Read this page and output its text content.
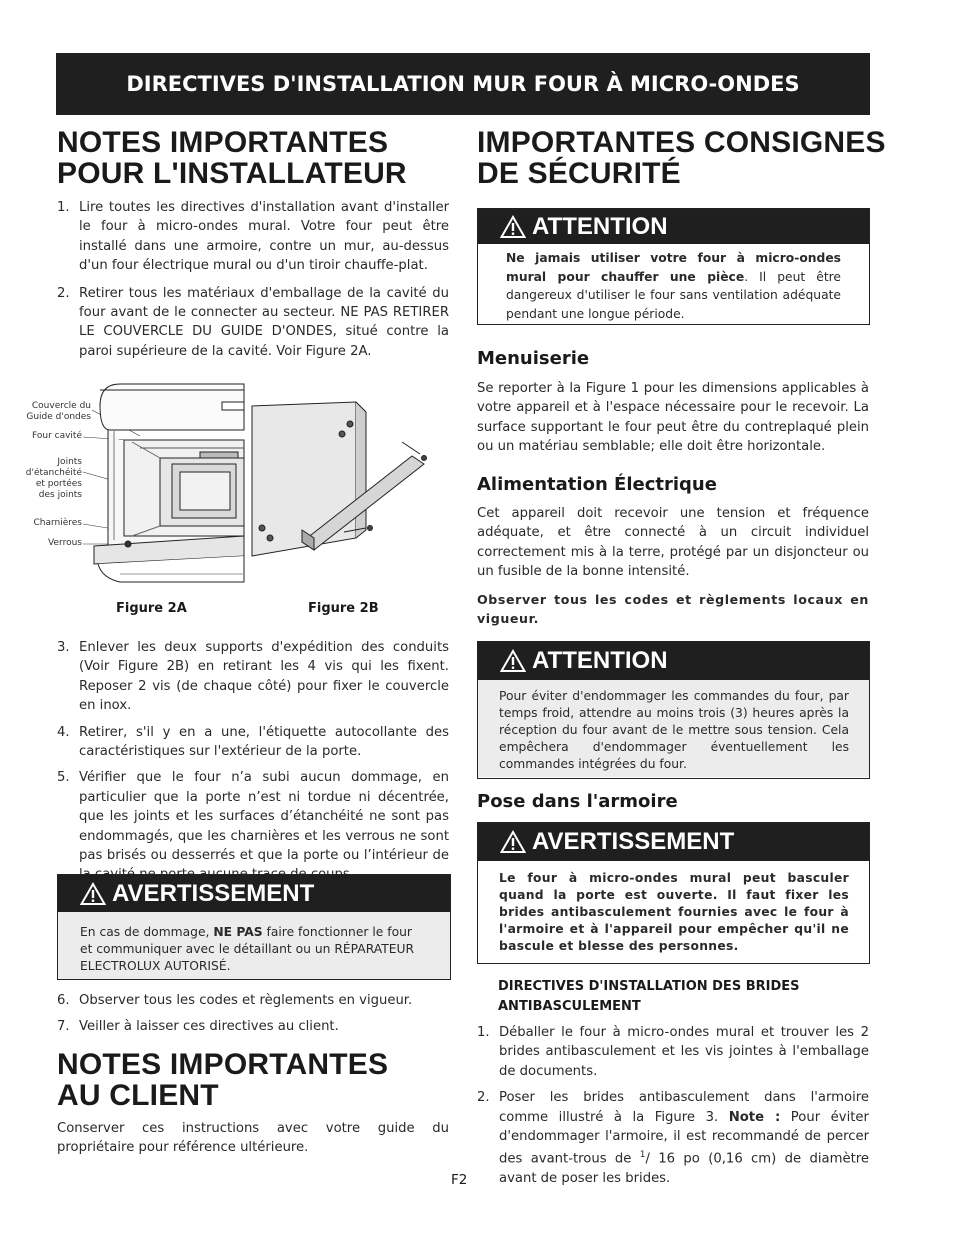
DIRECTIVES D'INSTALLATION MUR FOUR À MICRO-ONDES
NOTES IMPORTANTES
POUR L'INSTALLATEUR
1. Lire toutes les directives d'installation avant d'installer le four à micro-ondes mural. Votre four peut être installé dans une armoire, contre un mur, au-dessus d'un four électrique mural ou d'un tiroir chauffe-plat.
2. Retirer tous les matériaux d'emballage de la cavité du four avant de le connecter au secteur. NE PAS RETIRER LE COUVERCLE DU GUIDE D'ONDES, situé contre la paroi supérieure de la cavité. Voir Figure 2A.
Couvercle du Guide d'ondes
Four cavité
Joints d'étanchéité et portées des joints
Charnières
Verrous
Figure 2A	Figure 2B
3. Enlever les deux supports d'expédition des conduits (Voir Figure 2B) en retirant les 4 vis qui les fixent. Reposer 2 vis (de chaque côté) pour fixer le couvercle en inox.
4. Retirer, s'il y en a une, l'étiquette autocollante des caractéristiques sur l'extérieur de la porte.
5. Vérifier que le four n’a subi aucun dommage, en particulier que la porte n’est ni tordue ni décentrée, que les joints et les surfaces d’étanchéité ne sont pas endommagés, que les charnières et les verrous ne sont pas brisés ou desserrés et que la porte ou l’intérieur de
AVERTISSEMENT
En cas de dommage, NE PAS faire fonctionner le four et communiquer avec le détaillant ou un RÉPARATEUR ELECTROLUX AUTORISÉ.
6. Observer tous les codes et règlements en vigueur.
7. Veiller à laisser ces directives au client.
NOTES IMPORTANTES
AU CLIENT

Conserver ces instructions avec votre guide du propriétaire pour référence ultérieure.

IMPORTANTES CONSIGNES
DE SÉCURITÉ
ATTENTION
Ne jamais utiliser votre four à micro-ondes mural pour chauffer une pièce. Il peut être dangereux d'utiliser le four sans ventilation adéquate pendant une longue période.
Menuiserie

Se reporter à la Figure 1 pour les dimensions applicables à votre appareil et à l'espace nécessaire pour le recevoir. La surface supportant le four peut être du contreplaqué plein ou un matériau semblable; elle doit être horizontale.

Alimentation Électrique

Cet appareil doit recevoir une tension et fréquence adéquate, et être connecté à un circuit individuel correctement mis à la terre, protégé par un disjoncteur ou un fusible de la bonne intensité.

Observer tous les codes et règlements locaux en vigueur.

ATTENTION
Pour éviter d'endommager les commandes du four, par temps froid, attendre au moins trois (3) heures après la réception du four avant de le mettre sous tension. Cela empêchera d'endommager éventuellement les commandes intégrées du four.
Pose dans l'armoire
AVERTISSEMENT
Le four à micro-ondes mural peut basculer quand la porte est ouverte. Il faut fixer les brides antibasculement fournies avec le four à l'armoire et à l'appareil pour empêcher qu'il ne bascule et blesse des personnes.
DIRECTIVES D'INSTALLATION DES BRIDES
ANTIBASCULEMENT
1. Déballer le four à micro-ondes mural et trouver les 2 brides antibasculement et les vis jointes à l'emballage de documents.
2. Poser les brides antibasculement dans l'armoire comme illustré à la Figure 3. Note : Pour éviter d'endommager l'armoire, il est recommandé de percer des avant-trous de $^1$/ 16 po (0,16 cm) de diamètre avant de poser les brides.
F2
